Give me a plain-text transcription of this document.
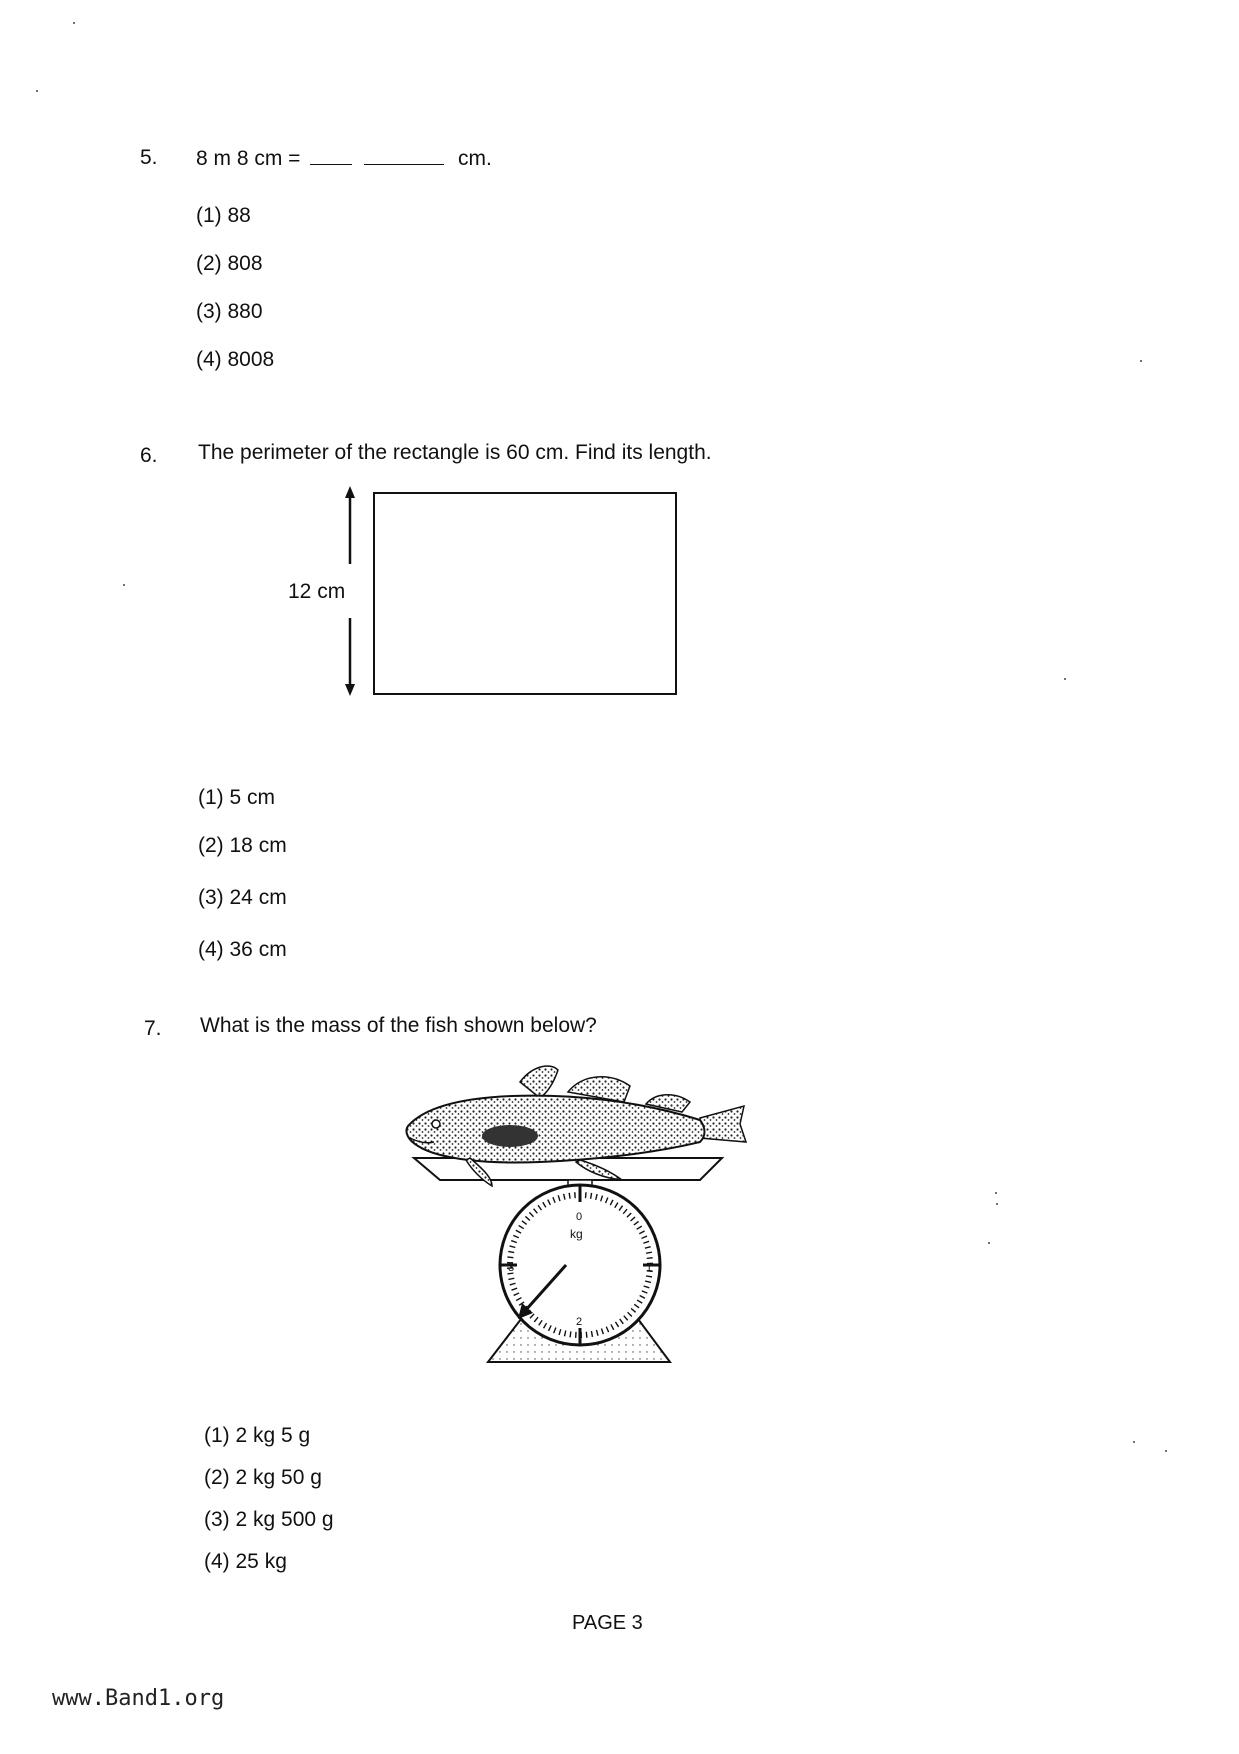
5. 8 m 8 cm =	cm.
(1) 88
(2) 808
(3) 880
(4) 8008
6. The perimeter of the rectangle is 60 cm. Find its length.
12 cm
(1) 5 cm
(2) 18 cm
(3) 24 cm
(4) 36 cm
7. What is the mass of the fish shown below?
0
1
2
3
kg
(1) 2 kg 5 g
(2) 2 kg 50 g
(3) 2 kg 500 g
(4) 25 kg
PAGE 3
www.Band1.org
